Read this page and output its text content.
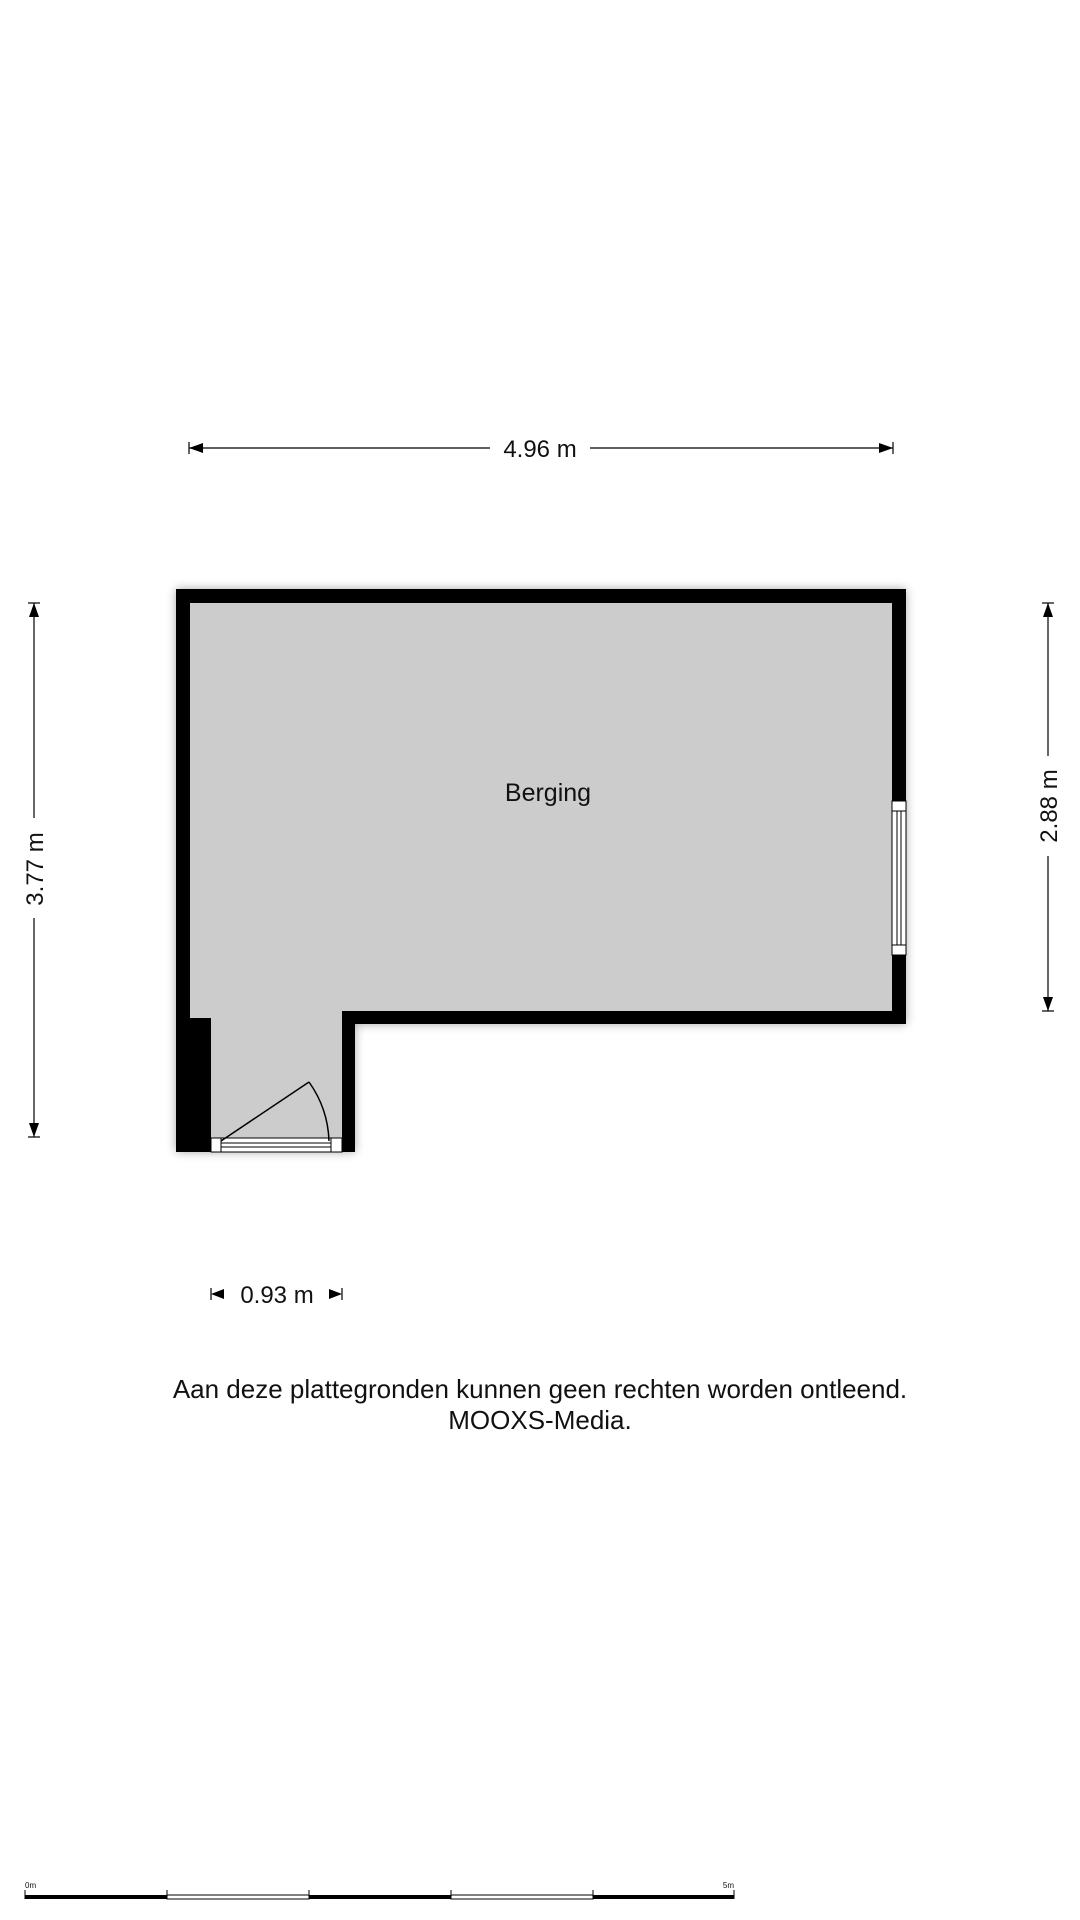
Berging
4.96 m
3.77 m
2.88 m
0.93 m
0m	5m
Aan deze plattegronden kunnen geen rechten worden ontleend.
MOOXS-Media.
